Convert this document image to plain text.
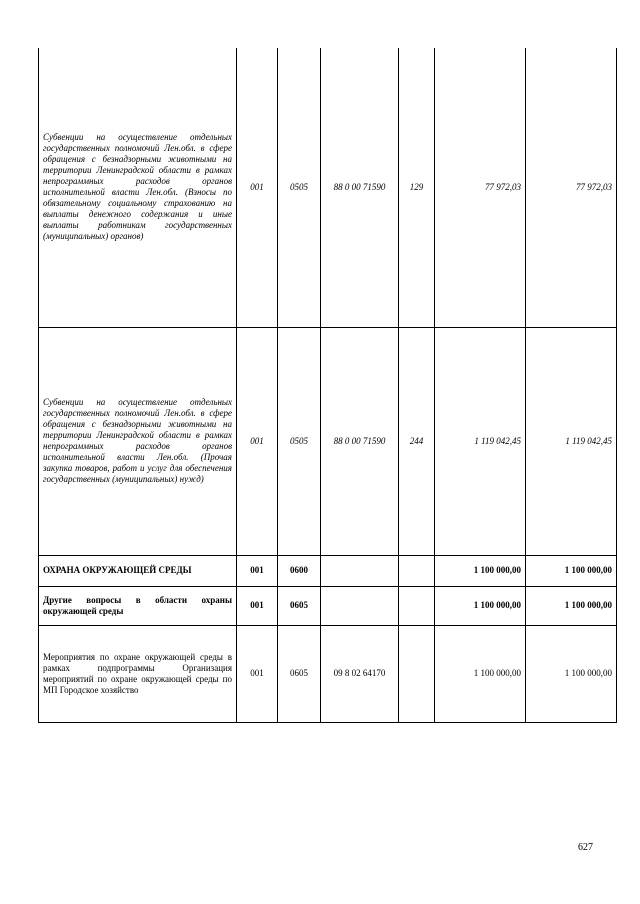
Субвенции на осуществление отдельных государственных полномочий Лен.обл. в сфере обращения с безнадзорными животными на территории Ленинградской области в рамках непрограммных расходов органов исполнительной власти Лен.обл. (Взносы по обязательному социальному страхованию на выплаты денежного содержания и иные выплаты работникам государственных (муниципальных) органов)	001	0505	88 0 00 71590	129	77 972,03	77 972,03
Субвенции на осуществление отдельных государственных полномочий Лен.обл. в сфере обращения с безнадзорными животными на территории Ленинградской области в рамках непрограммных расходов органов исполнительной власти Лен.обл. (Прочая закупка товаров, работ и услуг для обеспечения государственных (муниципальных) нужд)	001	0505	88 0 00 71590	244	1 119 042,45	1 119 042,45
ОХРАНА ОКРУЖАЮЩЕЙ СРЕДЫ	001	0600			1 100 000,00	1 100 000,00
Другие вопросы в области охраны окружающей среды	001	0605			1 100 000,00	1 100 000,00
Мероприятия по охране окружающей среды в рамках подпрограммы Организация мероприятий по охране окружающей среды по МП Городское хозяйство	001	0605	09 8 02 64170		1 100 000,00	1 100 000,00
627
